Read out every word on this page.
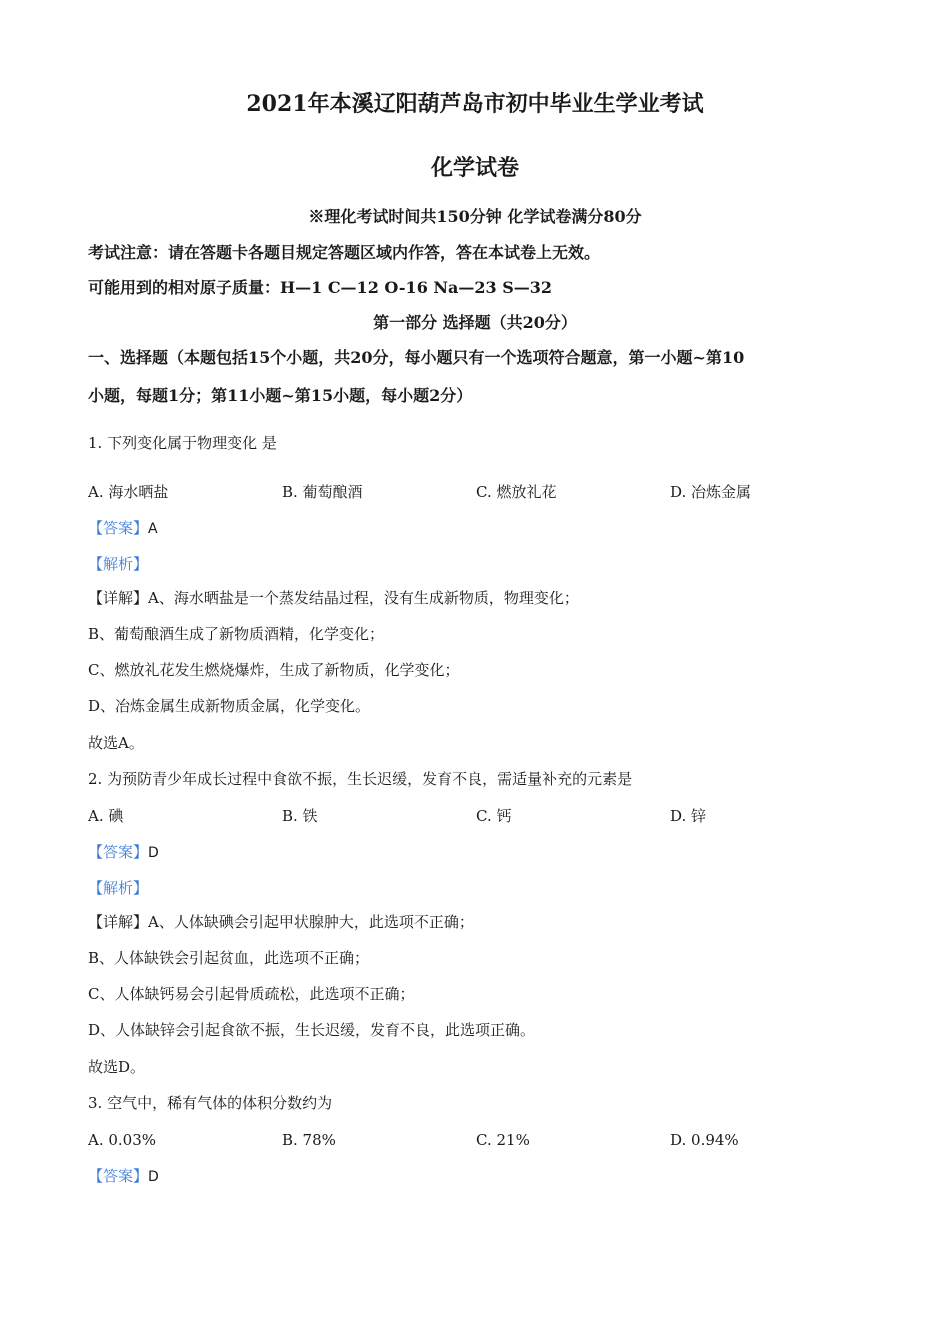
2021年本溪辽阳葫芦岛市初中毕业生学业考试
化学试卷
※理化考试时间共150分钟 化学试卷满分80分
考试注意：请在答题卡各题目规定答题区域内作答，答在本试卷上无效。
可能用到的相对原子质量：H—1 C—12 O-16 Na—23 S—32
第一部分 选择题（共20分）
一、选择题（本题包括15个小题，共20分，每小题只有一个选项符合题意，第一小题~第10
小题，每题1分；第11小题~第15小题，每小题2分）
1. 下列变化属于物理变化 是
A. 海水晒盐	B. 葡萄酿酒	C. 燃放礼花	D. 冶炼金属
【答案】A
【解析】
【详解】A、海水晒盐是一个蒸发结晶过程，没有生成新物质，物理变化；
B、葡萄酿酒生成了新物质酒精，化学变化；
C、燃放礼花发生燃烧爆炸，生成了新物质，化学变化；
D、冶炼金属生成新物质金属，化学变化。
故选A。
2. 为预防青少年成长过程中食欲不振，生长迟缓，发育不良，需适量补充的元素是
A. 碘	B. 铁	C. 钙	D. 锌
【答案】D
【解析】
【详解】A、人体缺碘会引起甲状腺肿大，此选项不正确；
B、人体缺铁会引起贫血，此选项不正确；
C、人体缺钙易会引起骨质疏松，此选项不正确；
D、人体缺锌会引起食欲不振，生长迟缓，发育不良，此选项正确。
故选D。
3. 空气中，稀有气体的体积分数约为
A. 0.03%	B. 78%	C. 21%	D. 0.94%
【答案】D
